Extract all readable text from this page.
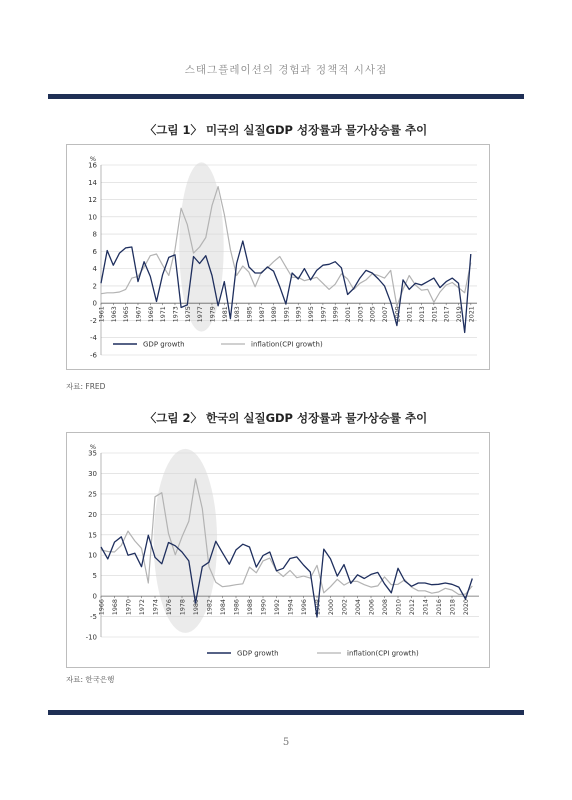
스태그플레이션의 경험과 정책적 시사점
〈그림 1〉 미국의 실질GDP 성장률과 물가상승률 추이
-6
-4
-2
0
2
4
6
8
10
12
14
16
%
1961 1963 1965 1967 1969 1971 1973 1975 1977 1979 1981 1983 1985 1987 1989 1991 1993 1995 1997 1999 2001 2003 2005 2007 2009 2011 2013 2015 2017 2019 2021
GDP growth	inflation(CPI growth)
자료: FRED
〈그림 2〉 한국의 실질GDP 성장률과 물가상승률 추이
-10
-5
0
5
10
15
20
25
30
35
%
1966 1968 1970 1972 1974 1976 1978 1980 1982 1984 1986 1988 1990 1992 1994 1996 1998 2000 2002 2004 2006 2008 2010 2012 2014 2016 2018 2020
GDP growth	inflation(CPI growth)
자료: 한국은행
5
